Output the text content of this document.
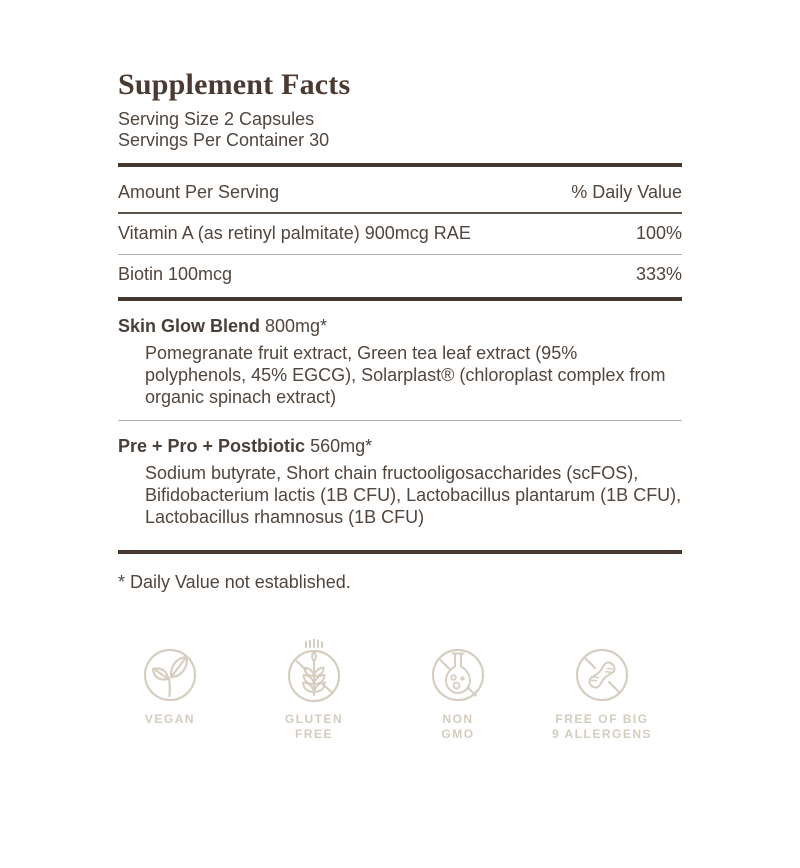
Supplement Facts
Serving Size 2 Capsules
Servings Per Container 30
Amount Per Serving	% Daily Value
Vitamin A (as retinyl palmitate) 900mcg RAE	100%
Biotin 100mcg	333%
Skin Glow Blend 800mg*

Pomegranate fruit extract, Green tea leaf extract (95% polyphenols, 45% EGCG), Solarplast® (chloroplast complex from organic spinach extract)

Pre + Pro + Postbiotic 560mg*

Sodium butyrate, Short chain fructooligosaccharides (scFOS), Bifidobacterium lactis (1B CFU), Lactobacillus plantarum (1B CFU), Lactobacillus rhamnosus (1B CFU)

* Daily Value not established.

VEGAN	GLUTEN
FREE
NON
GMO
FREE OF BIG
9 ALLERGENS
